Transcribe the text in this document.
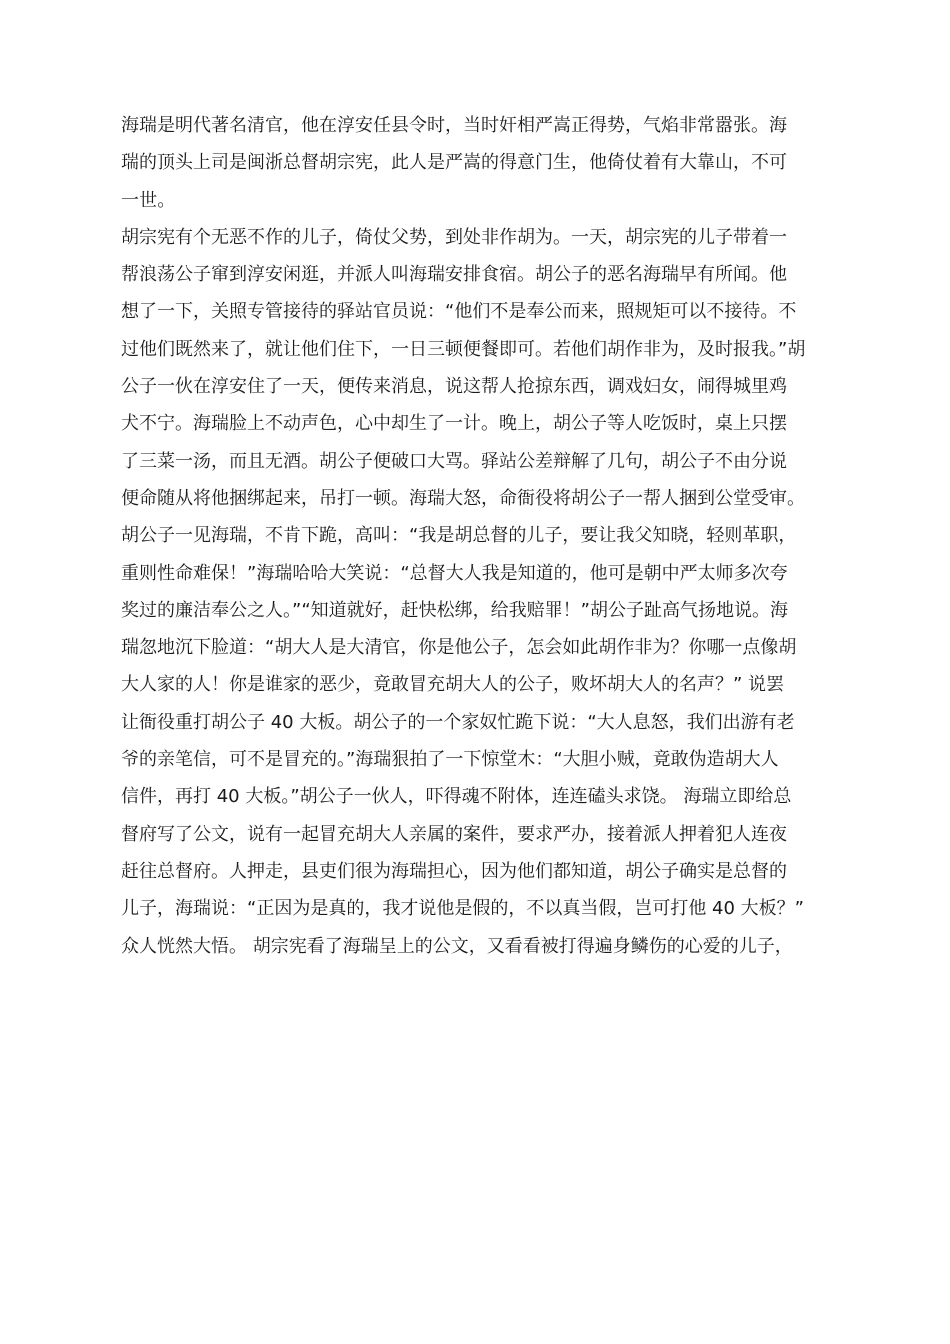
海瑞是明代著名清官，他在淳安任县令时，当时奸相严嵩正得势，气焰非常嚣张。海
瑞的顶头上司是闽浙总督胡宗宪，此人是严嵩的得意门生，他倚仗着有大靠山，不可
一世。
胡宗宪有个无恶不作的儿子，倚仗父势，到处非作胡为。一天，胡宗宪的儿子带着一
帮浪荡公子窜到淳安闲逛，并派人叫海瑞安排食宿。胡公子的恶名海瑞早有所闻。他
想了一下，关照专管接待的驿站官员说：“他们不是奉公而来，照规矩可以不接待。不
过他们既然来了，就让他们住下，一日三顿便餐即可。若他们胡作非为，及时报我。”胡
公子一伙在淳安住了一天，便传来消息，说这帮人抢掠东西，调戏妇女，闹得城里鸡
犬不宁。海瑞脸上不动声色，心中却生了一计。晚上，胡公子等人吃饭时，桌上只摆
了三菜一汤，而且无酒。胡公子便破口大骂。驿站公差辩解了几句，胡公子不由分说
便命随从将他捆绑起来，吊打一顿。海瑞大怒，命衙役将胡公子一帮人捆到公堂受审。
胡公子一见海瑞，不肯下跪，高叫：“我是胡总督的儿子，要让我父知晓，轻则革职，
重则性命难保！”海瑞哈哈大笑说：“总督大人我是知道的，他可是朝中严太师多次夸
奖过的廉洁奉公之人。”“知道就好，赶快松绑，给我赔罪！”胡公子趾高气扬地说。海
瑞忽地沉下脸道：“胡大人是大清官，你是他公子，怎会如此胡作非为？你哪一点像胡
大人家的人！你是谁家的恶少，竟敢冒充胡大人的公子，败坏胡大人的名声？” 说罢
让衙役重打胡公子 40 大板。胡公子的一个家奴忙跪下说：“大人息怒，我们出游有老
爷的亲笔信，可不是冒充的。”海瑞狠拍了一下惊堂木：“大胆小贼，竟敢伪造胡大人
信件，再打 40 大板。”胡公子一伙人，吓得魂不附体，连连磕头求饶。 海瑞立即给总
督府写了公文，说有一起冒充胡大人亲属的案件，要求严办，接着派人押着犯人连夜
赶往总督府。人押走，县吏们很为海瑞担心，因为他们都知道，胡公子确实是总督的
儿子，海瑞说：“正因为是真的，我才说他是假的，不以真当假，岂可打他 40 大板？”
众人恍然大悟。 胡宗宪看了海瑞呈上的公文，又看看被打得遍身鳞伤的心爱的儿子，
